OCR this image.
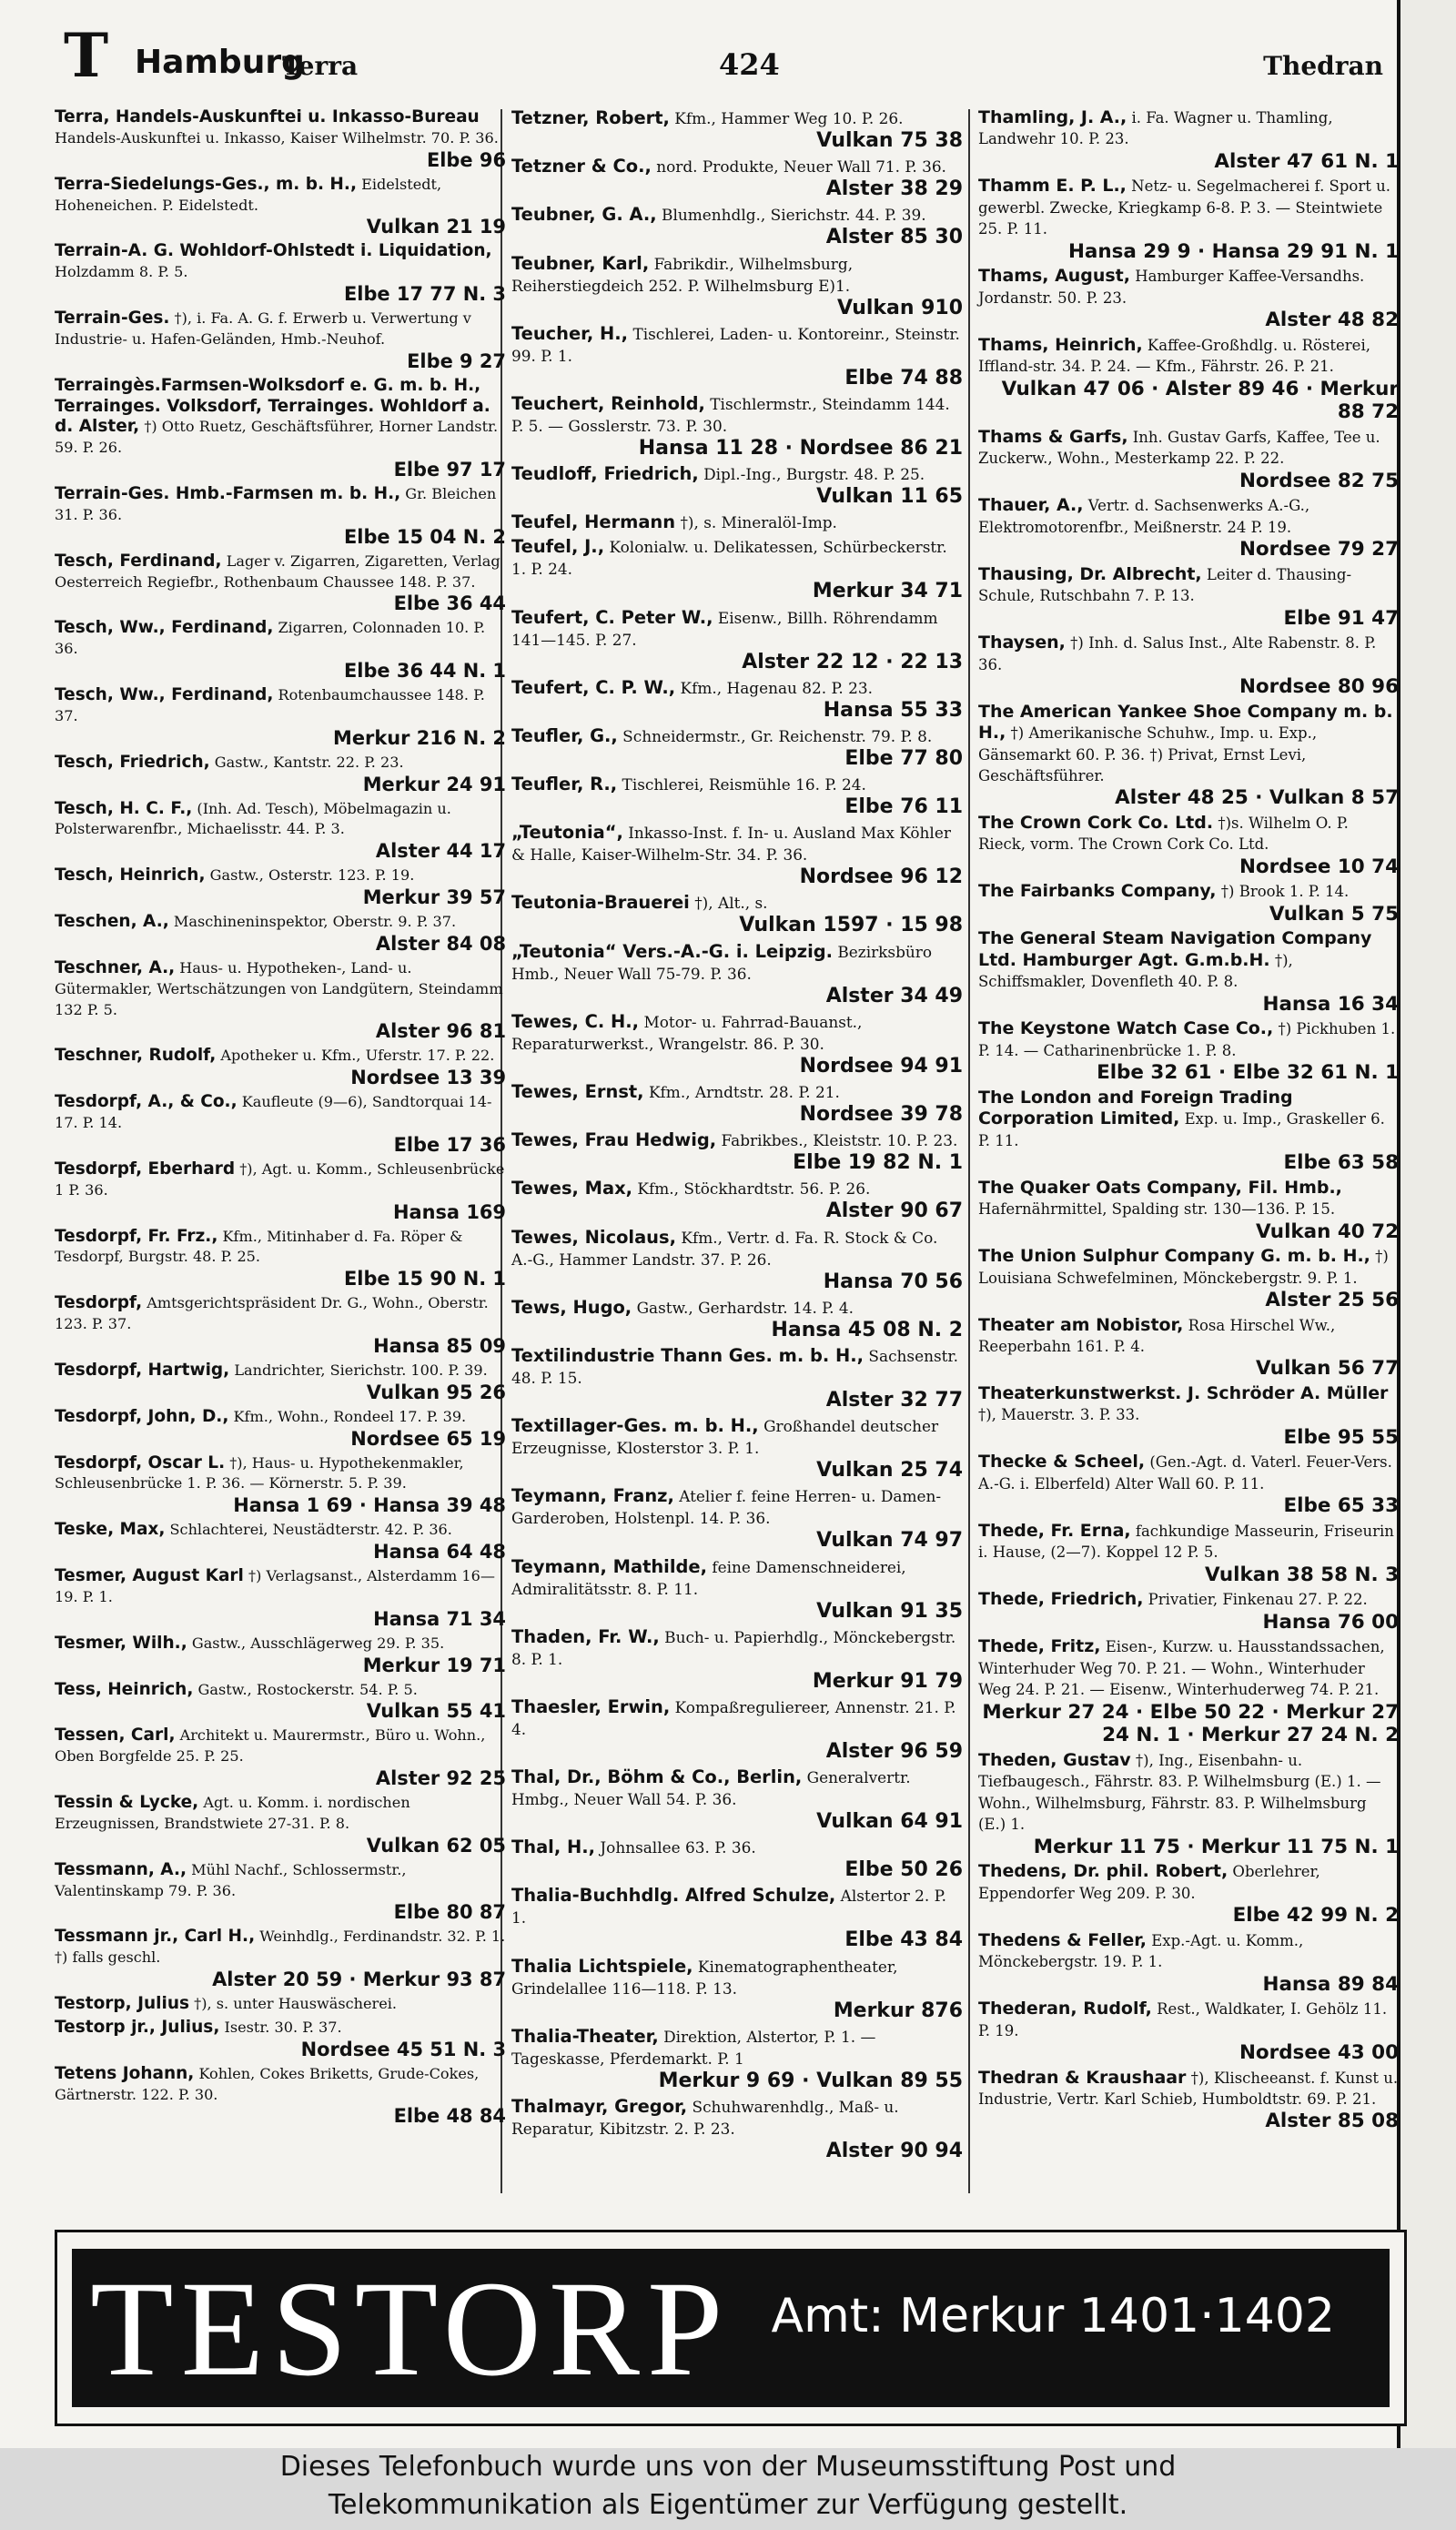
T Hamburg
Terra	424	Thedran
Terra, Handels-Auskunftei u. Inkasso-Bureau Handels-Auskunftei u. Inkasso, Kaiser Wilhelmstr. 70. P. 36.
Elbe 96
Terra-Siedelungs-Ges., m. b. H., Eidelstedt, Hoheneichen. P. Eidelstedt.
Vulkan 21 19
Terrain-A. G. Wohldorf-Ohlstedt i. Liquidation, Holzdamm 8. P. 5.
Elbe 17 77 N. 3
Terrain-Ges. †), i. Fa. A. G. f. Erwerb u. Verwertung v Industrie- u. Hafen-Geländen, Hmb.-Neuhof.
Elbe 9 27
Terraingès.Farmsen-Wolksdorf e. G. m. b. H., Terrainges. Volksdorf, Terrainges. Wohldorf a. d. Alster, †) Otto Ruetz, Geschäftsführer, Horner Landstr. 59. P. 26.
Elbe 97 17
Terrain-Ges. Hmb.-Farmsen m. b. H., Gr. Bleichen 31. P. 36.
Elbe 15 04 N. 2
Tesch, Ferdinand, Lager v. Zigarren, Zigaretten, Verlag Oesterreich Regiefbr., Rothenbaum Chaussee 148. P. 37.
Elbe 36 44
Tesch, Ww., Ferdinand, Zigarren, Colonnaden 10. P. 36.
Elbe 36 44 N. 1
Tesch, Ww., Ferdinand, Rotenbaumchaussee 148. P. 37.
Merkur 216 N. 2
Tesch, Friedrich, Gastw., Kantstr. 22. P. 23.
Merkur 24 91
Tesch, H. C. F., (Inh. Ad. Tesch), Möbelmagazin u. Polsterwarenfbr., Michaelisstr. 44. P. 3.
Alster 44 17
Tesch, Heinrich, Gastw., Osterstr. 123. P. 19.
Merkur 39 57
Teschen, A., Maschineninspektor, Oberstr. 9. P. 37.
Alster 84 08
Teschner, A., Haus- u. Hypotheken-, Land- u. Gütermakler, Wertschätzungen von Landgütern, Steindamm 132 P. 5.
Alster 96 81
Teschner, Rudolf, Apotheker u. Kfm., Uferstr. 17. P. 22.
Nordsee 13 39
Tesdorpf, A., & Co., Kaufleute (9—6), Sandtorquai 14-17. P. 14.
Elbe 17 36
Tesdorpf, Eberhard †), Agt. u. Komm., Schleusenbrücke 1 P. 36.
Hansa 169
Tesdorpf, Fr. Frz., Kfm., Mitinhaber d. Fa. Röper & Tesdorpf, Burgstr. 48. P. 25.
Elbe 15 90 N. 1
Tesdorpf, Amtsgerichtspräsident Dr. G., Wohn., Oberstr. 123. P. 37.
Hansa 85 09
Tesdorpf, Hartwig, Landrichter, Sierichstr. 100. P. 39.
Vulkan 95 26
Tesdorpf, John, D., Kfm., Wohn., Rondeel 17. P. 39.
Nordsee 65 19
Tesdorpf, Oscar L. †), Haus- u. Hypothekenmakler, Schleusenbrücke 1. P. 36. — Körnerstr. 5. P. 39.
Hansa 1 69 · Hansa 39 48
Teske, Max, Schlachterei, Neustädterstr. 42. P. 36.
Hansa 64 48
Tesmer, August Karl †) Verlagsanst., Alsterdamm 16—19. P. 1.
Hansa 71 34
Tesmer, Wilh., Gastw., Ausschlägerweg 29. P. 35.
Merkur 19 71
Tess, Heinrich, Gastw., Rostockerstr. 54. P. 5.
Vulkan 55 41
Tessen, Carl, Architekt u. Maurermstr., Büro u. Wohn., Oben Borgfelde 25. P. 25.
Alster 92 25
Tessin & Lycke, Agt. u. Komm. i. nordischen Erzeugnissen, Brandstwiete 27-31. P. 8.
Vulkan 62 05
Tessmann, A., Mühl Nachf., Schlossermstr., Valentinskamp 79. P. 36.
Elbe 80 87
Tessmann jr., Carl H., Weinhdlg., Ferdinandstr. 32. P. 1. †) falls geschl.
Alster 20 59 · Merkur 93 87
Testorp, Julius †), s. unter Hauswäscherei.
Testorp jr., Julius, Isestr. 30. P. 37.
Nordsee 45 51 N. 3
Tetens Johann, Kohlen, Cokes Briketts, Grude-Cokes, Gärtnerstr. 122. P. 30.
Elbe 48 84
Tetzner, Robert, Kfm., Hammer Weg 10. P. 26.
Vulkan 75 38
Tetzner & Co., nord. Produkte, Neuer Wall 71. P. 36.
Alster 38 29
Teubner, G. A., Blumenhdlg., Sierichstr. 44. P. 39.
Alster 85 30
Teubner, Karl, Fabrikdir., Wilhelmsburg, Reiherstiegdeich 252. P. Wilhelmsburg E)1.
Vulkan 910
Teucher, H., Tischlerei, Laden- u. Kontoreinr., Steinstr. 99. P. 1.
Elbe 74 88
Teuchert, Reinhold, Tischlermstr., Steindamm 144. P. 5. — Gosslerstr. 73. P. 30.
Hansa 11 28 · Nordsee 86 21
Teudloff, Friedrich, Dipl.-Ing., Burgstr. 48. P. 25.
Vulkan 11 65
Teufel, Hermann †), s. Mineralöl-Imp.
Teufel, J., Kolonialw. u. Delikatessen, Schürbeckerstr. 1. P. 24.
Merkur 34 71
Teufert, C. Peter W., Eisenw., Billh. Röhrendamm 141—145. P. 27.
Alster 22 12 · 22 13
Teufert, C. P. W., Kfm., Hagenau 82. P. 23.
Hansa 55 33
Teufler, G., Schneidermstr., Gr. Reichenstr. 79. P. 8.
Elbe 77 80
Teufler, R., Tischlerei, Reismühle 16. P. 24.
Elbe 76 11
„Teutonia“, Inkasso-Inst. f. In- u. Ausland Max Köhler & Halle, Kaiser-Wilhelm-Str. 34. P. 36.
Nordsee 96 12
Teutonia-Brauerei †), Alt., s.
Vulkan 1597 · 15 98
„Teutonia“ Vers.-A.-G. i. Leipzig. Bezirksbüro Hmb., Neuer Wall 75-79. P. 36.
Alster 34 49
Tewes, C. H., Motor- u. Fahrrad-Bauanst., Reparaturwerkst., Wrangelstr. 86. P. 30.
Nordsee 94 91
Tewes, Ernst, Kfm., Arndtstr. 28. P. 21.
Nordsee 39 78
Tewes, Frau Hedwig, Fabrikbes., Kleiststr. 10. P. 23.
Elbe 19 82 N. 1
Tewes, Max, Kfm., Stöckhardtstr. 56. P. 26.
Alster 90 67
Tewes, Nicolaus, Kfm., Vertr. d. Fa. R. Stock & Co. A.-G., Hammer Landstr. 37. P. 26.
Hansa 70 56
Tews, Hugo, Gastw., Gerhardstr. 14. P. 4.
Hansa 45 08 N. 2
Textilindustrie Thann Ges. m. b. H., Sachsenstr. 48. P. 15.
Alster 32 77
Textillager-Ges. m. b. H., Großhandel deutscher Erzeugnisse, Klosterstor 3. P. 1.
Vulkan 25 74
Teymann, Franz, Atelier f. feine Herren- u. Damen-Garderoben, Holstenpl. 14. P. 36.
Vulkan 74 97
Teymann, Mathilde, feine Damenschneiderei, Admiralitätsstr. 8. P. 11.
Vulkan 91 35
Thaden, Fr. W., Buch- u. Papierhdlg., Mönckebergstr. 8. P. 1.
Merkur 91 79
Thaesler, Erwin, Kompaßreguliereer, Annenstr. 21. P. 4.
Alster 96 59
Thal, Dr., Böhm & Co., Berlin, Generalvertr. Hmbg., Neuer Wall 54. P. 36.
Vulkan 64 91
Thal, H., Johnsallee 63. P. 36.
Elbe 50 26
Thalia-Buchhdlg. Alfred Schulze, Alstertor 2. P. 1.
Elbe 43 84
Thalia Lichtspiele, Kinematographentheater, Grindelallee 116—118. P. 13.
Merkur 876
Thalia-Theater, Direktion, Alstertor, P. 1. — Tageskasse, Pferdemarkt. P. 1
Merkur 9 69 · Vulkan 89 55
Thalmayr, Gregor, Schuhwarenhdlg., Maß- u. Reparatur, Kibitzstr. 2. P. 23.
Alster 90 94
Thamling, J. A., i. Fa. Wagner u. Thamling, Landwehr 10. P. 23.
Alster 47 61 N. 1
Thamm E. P. L., Netz- u. Segelmacherei f. Sport u. gewerbl. Zwecke, Kriegkamp 6-8. P. 3. — Steintwiete 25. P. 11.
Hansa 29 9 · Hansa 29 91 N. 1
Thams, August, Hamburger Kaffee-Versandhs. Jordanstr. 50. P. 23.
Alster 48 82
Thams, Heinrich, Kaffee-Großhdlg. u. Rösterei, Iffland-str. 34. P. 24. — Kfm., Fährstr. 26. P. 21.
Vulkan 47 06 · Alster 89 46 · Merkur 88 72
Thams & Garfs, Inh. Gustav Garfs, Kaffee, Tee u. Zuckerw., Wohn., Mesterkamp 22. P. 22.
Nordsee 82 75
Thauer, A., Vertr. d. Sachsenwerks A.-G., Elektromotorenfbr., Meißnerstr. 24 P. 19.
Nordsee 79 27
Thausing, Dr. Albrecht, Leiter d. Thausing-Schule, Rutschbahn 7. P. 13.
Elbe 91 47
Thaysen, †) Inh. d. Salus Inst., Alte Rabenstr. 8. P. 36.
Nordsee 80 96
The American Yankee Shoe Company m. b. H., †) Amerikanische Schuhw., Imp. u. Exp., Gänsemarkt 60. P. 36. †) Privat, Ernst Levi, Geschäftsführer.
Alster 48 25 · Vulkan 8 57
The Crown Cork Co. Ltd. †)s. Wilhelm O. P. Rieck, vorm. The Crown Cork Co. Ltd.
Nordsee 10 74
The Fairbanks Company, †) Brook 1. P. 14.
Vulkan 5 75
The General Steam Navigation Company Ltd. Hamburger Agt. G.m.b.H. †), Schiffsmakler, Dovenfleth 40. P. 8.
Hansa 16 34
The Keystone Watch Case Co., †) Pickhuben 1. P. 14. — Catharinenbrücke 1. P. 8.
Elbe 32 61 · Elbe 32 61 N. 1
The London and Foreign Trading Corporation Limited, Exp. u. Imp., Graskeller 6. P. 11.
Elbe 63 58
The Quaker Oats Company, Fil. Hmb., Hafernährmittel, Spalding str. 130—136. P. 15.
Vulkan 40 72
The Union Sulphur Company G. m. b. H., †) Louisiana Schwefelminen, Mönckebergstr. 9. P. 1.
Alster 25 56
Theater am Nobistor, Rosa Hirschel Ww., Reeperbahn 161. P. 4.
Vulkan 56 77
Theaterkunstwerkst. J. Schröder A. Müller †), Mauerstr. 3. P. 33.
Elbe 95 55
Thecke & Scheel, (Gen.-Agt. d. Vaterl. Feuer-Vers. A.-G. i. Elberfeld) Alter Wall 60. P. 11.
Elbe 65 33
Thede, Fr. Erna, fachkundige Masseurin, Friseurin i. Hause, (2—7). Koppel 12 P. 5.
Vulkan 38 58 N. 3
Thede, Friedrich, Privatier, Finkenau 27. P. 22.
Hansa 76 00
Thede, Fritz, Eisen-, Kurzw. u. Hausstandssachen, Winterhuder Weg 70. P. 21. — Wohn., Winterhuder Weg 24. P. 21. — Eisenw., Winterhuderweg 74. P. 21.
Merkur 27 24 · Elbe 50 22 · Merkur 27 24 N. 1 · Merkur 27 24 N. 2
Theden, Gustav †), Ing., Eisenbahn- u. Tiefbaugesch., Fährstr. 83. P. Wilhelmsburg (E.) 1. — Wohn., Wilhelmsburg, Fährstr. 83. P. Wilhelmsburg (E.) 1.
Merkur 11 75 · Merkur 11 75 N. 1
Thedens, Dr. phil. Robert, Oberlehrer, Eppendorfer Weg 209. P. 30.
Elbe 42 99 N. 2
Thedens & Feller, Exp.-Agt. u. Komm., Mönckebergstr. 19. P. 1.
Hansa 89 84
Thederan, Rudolf, Rest., Waldkater, I. Gehölz 11. P. 19.
Nordsee 43 00
Thedran & Kraushaar †), Klischeeanst. f. Kunst u. Industrie, Vertr. Karl Schieb, Humboldtstr. 69. P. 21.
Alster 85 08
TESTORP Amt: Merkur 1401·1402
Dieses Telefonbuch wurde uns von der Museumsstiftung Post und
Telekommunikation als Eigentümer zur Verfügung gestellt.
